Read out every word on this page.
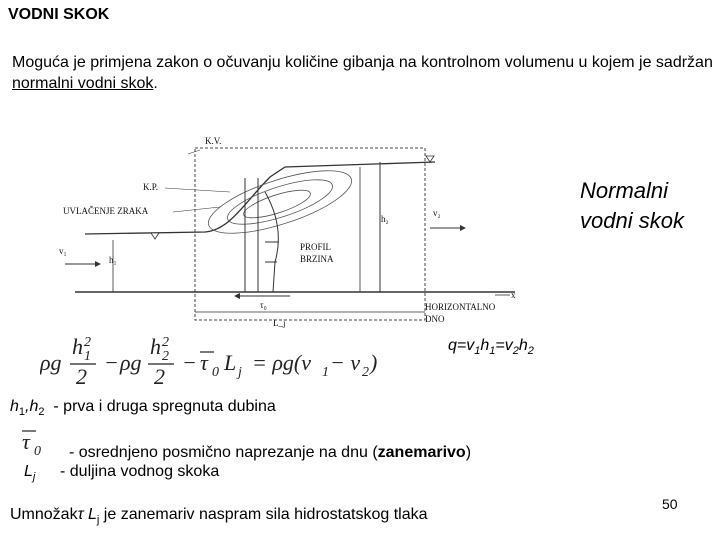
VODNI SKOK
Moguća je primjena zakon o očuvanju količine gibanja na kontrolnom volumenu u kojem je sadržan normalni vodni skok.
K.V.
K.P.
UVLAČENJE ZRAKA
v₁
h₁
h₂
v₂
PROFIL
BRZINA
τ₀
L_j
x
HORIZONTALNO
DNO
Normalni
vodni skok
$q=v_1h_1=v_2h_2$
ρg
h 2
1
2
− ρg
h 2
2
2
− τ 0 L j = ρg(v 1 − v 2 )
$h_1,h_2$ - prva i druga spregnuta dubina
τ 0 - osrednjeno posmično naprezanje na dnu (zanemarivo)
$L_j$ - duljina vodnog skoka
Umnožakτ $L_j$ je zanemariv naspram sila hidrostatskog tlaka
50
